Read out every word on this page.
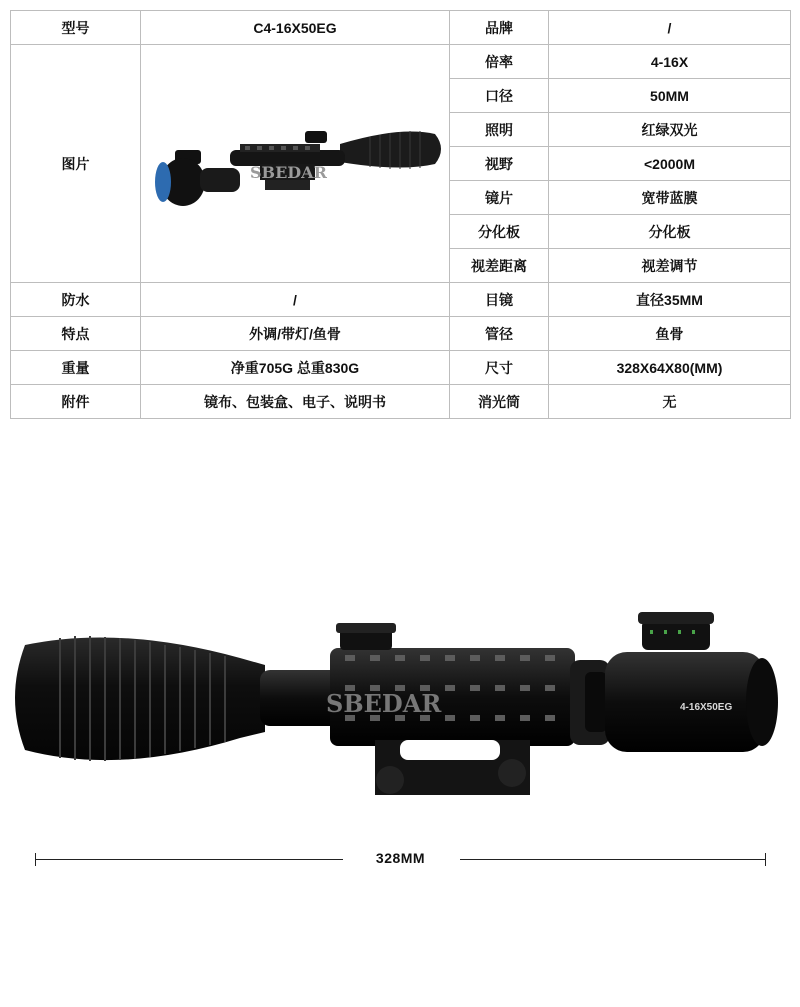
型号	C4-16X50EG	品牌	/
图片	SBEDAR	倍率	4-16X
		口径	50MM
		照明	红绿双光
		视野	<2000M
		镜片	宽带蓝膜
		分化板	分化板
		视差距离	视差调节
防水	/	目镜	直径35MM
特点	外调/带灯/鱼骨	管径	鱼骨
重量	净重705G 总重830G	尺寸	328X64X80(MM)
附件	镜布、包装盒、电子、说明书	消光筒	无
4-16X50EG
SBEDAR
328MM
